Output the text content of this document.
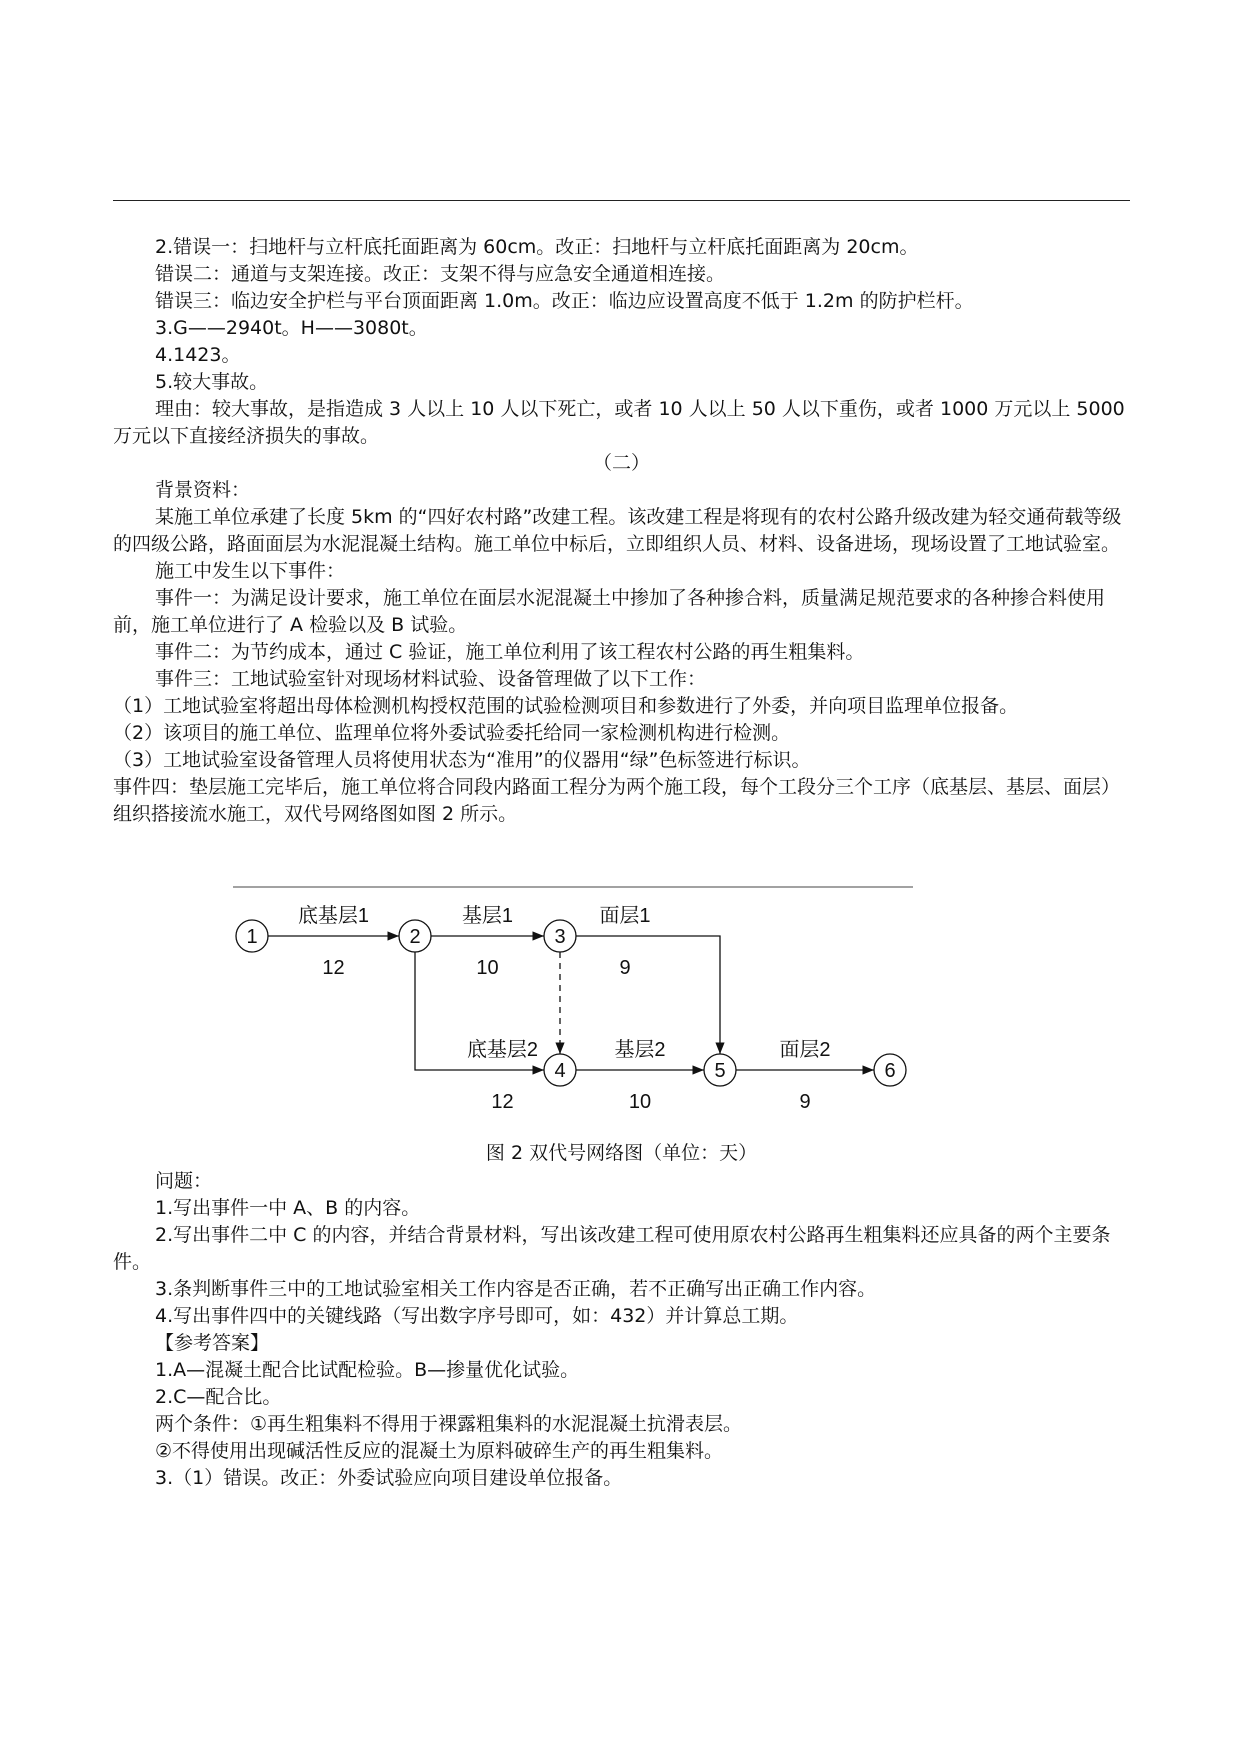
2.错误一：扫地杆与立杆底托面距离为 60cm。改正：扫地杆与立杆底托面距离为 20cm。

错误二：通道与支架连接。改正：支架不得与应急安全通道相连接。

错误三：临边安全护栏与平台顶面距离 1.0m。改正：临边应设置高度不低于 1.2m 的防护栏杆。

3.G——2940t。H——3080t。

4.1423。

5.较大事故。

理由：较大事故，是指造成 3 人以上 10 人以下死亡，或者 10 人以上 50 人以下重伤，或者 1000 万元以上 5000 万元以下直接经济损失的事故。

（二）

背景资料：

某施工单位承建了长度 5km 的“四好农村路”改建工程。该改建工程是将现有的农村公路升级改建为轻交通荷载等级的四级公路，路面面层为水泥混凝土结构。施工单位中标后，立即组织人员、材料、设备进场，现场设置了工地试验室。

施工中发生以下事件：

事件一：为满足设计要求，施工单位在面层水泥混凝土中掺加了各种掺合料，质量满足规范要求的各种掺合料使用前，施工单位进行了 A 检验以及 B 试验。

事件二：为节约成本，通过 C 验证，施工单位利用了该工程农村公路的再生粗集料。

事件三：工地试验室针对现场材料试验、设备管理做了以下工作：

（1）工地试验室将超出母体检测机构授权范围的试验检测项目和参数进行了外委，并向项目监理单位报备。

（2）该项目的施工单位、监理单位将外委试验委托给同一家检测机构进行检测。

（3）工地试验室设备管理人员将使用状态为“准用”的仪器用“绿”色标签进行标识。

事件四：垫层施工完毕后，施工单位将合同段内路面工程分为两个施工段，每个工段分三个工序（底基层、基层、面层）组织搭接流水施工，双代号网络图如图 2 所示。

1	2	3
4	5	6
底基层1
12
基层1
10
面层1
9
底基层2
12
基层2
10
面层2
9
图 2 双代号网络图（单位：天）

问题：

1.写出事件一中 A、B 的内容。

2.写出事件二中 C 的内容，并结合背景材料，写出该改建工程可使用原农村公路再生粗集料还应具备的两个主要条件。

3.条判断事件三中的工地试验室相关工作内容是否正确，若不正确写出正确工作内容。

4.写出事件四中的关键线路（写出数字序号即可，如：432）并计算总工期。

【参考答案】

1.A—混凝土配合比试配检验。B—掺量优化试验。

2.C—配合比。

两个条件：①再生粗集料不得用于裸露粗集料的水泥混凝土抗滑表层。

②不得使用出现碱活性反应的混凝土为原料破碎生产的再生粗集料。

3.（1）错误。改正：外委试验应向项目建设单位报备。
